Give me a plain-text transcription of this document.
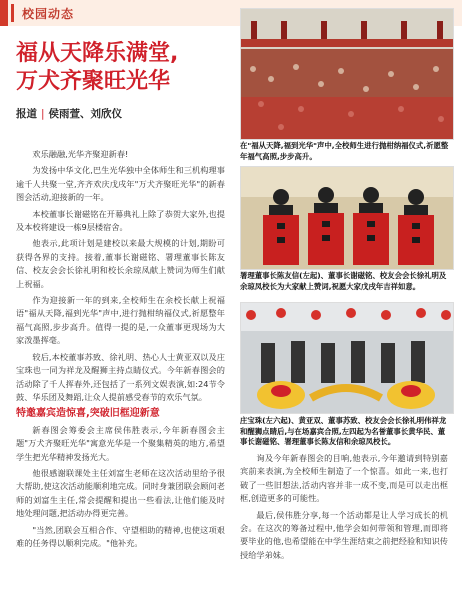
校园动态
福从天降乐满堂,
万犬齐聚旺光华
报道 | 侯雨萱、刘欣仪

欢乐融融,光华齐聚迎新春!

为发扬中华文化,巴生光华独中全体师生和三机构理事逾千人共聚一堂,齐齐欢庆戊戌年"万犬齐聚旺光华"的新春图会活动,迎接新的一年。

本校董事长谢磁铭在开幕典礼上除了恭贺大家外,也提及本校将建设一栋9层楼宿舍。

他表示,此项计划是建校以来最大规模的计划,期盼可获得各界的支持。接着,董事长谢磁铭、署理董事长陈友信、校友会会长徐礼明和校长余琼凤献上赞词为师生们献上祝福。

作为迎接新一年的到来,全校师生在余校长献上祝福语"福从天降,福到光华"声中,进行抛柑纳福仪式,祈愿整年福气高照,步步高升。值得一提的是,一众董事更现场为大家泼墨挥毫。

较后,本校董事苏致、徐礼明、热心人士黄亚双以及庄宝珠也一同为祥龙及醒狮主持点睛仪式。今年新春图会的活动除了千人挥春外,还包括了一系列文娱表演,如:24节令鼓、华乐团及舞蹈,让众人提前感受春节的欢乐气氛。

特邀嘉宾造惊喜,突破旧框迎新意

新春图会筹委会主席侯伟胜表示,今年新春图会主题"万犬齐聚旺光华"寓意光华是一个聚集精英的地方,希望学生把光华精神发扬光大。

他很感谢联课处主任刘富生老师在这次活动里给予很大帮助,使这次活动能顺利地完成。同时身兼团联会顾问老师的刘富生主任,常会提醒和提出一些看法,让他们能及时地处理问题,把活动办得更完善。

"当然,团联会互相合作、守望相助的精神,也使这项艰难的任务得以顺利完成。"他补充。

在"福从天降,福到光华"声中,全校师生进行抛柑纳福仪式,祈愿整年福气高照,步步高升。
署理董事长陈友信(左起)、董事长谢磁铭、校友会会长徐礼明及余琼凤校长为大家献上赞词,祝愿大家戊戌年吉祥如意。
庄宝珠(左六起)、黄亚双、董事苏致、校友会会长徐礼明伟祥龙和醒狮点睛后,与在场嘉宾合照,左四起为名誉董事长黄华民、董事长谢磁铭、署理董事长陈友信和余琼凤校长。

询及今年新春图会的目响,他表示,今年邀请到特别嘉宾前来表演,为全校师生制造了一个惊喜。如此一来,也打破了一些旧想法,活动内容并非一成不变,而是可以走出框框,创造更多的可能性。

最后,侯伟胜分享,每一个活动都是让人学习成长的机会。在这次的筹备过程中,他学会如何带领和管理,而即将要毕业的他,也希望能在中学生涯结束之前把经验和知识传授给学弟妹。
